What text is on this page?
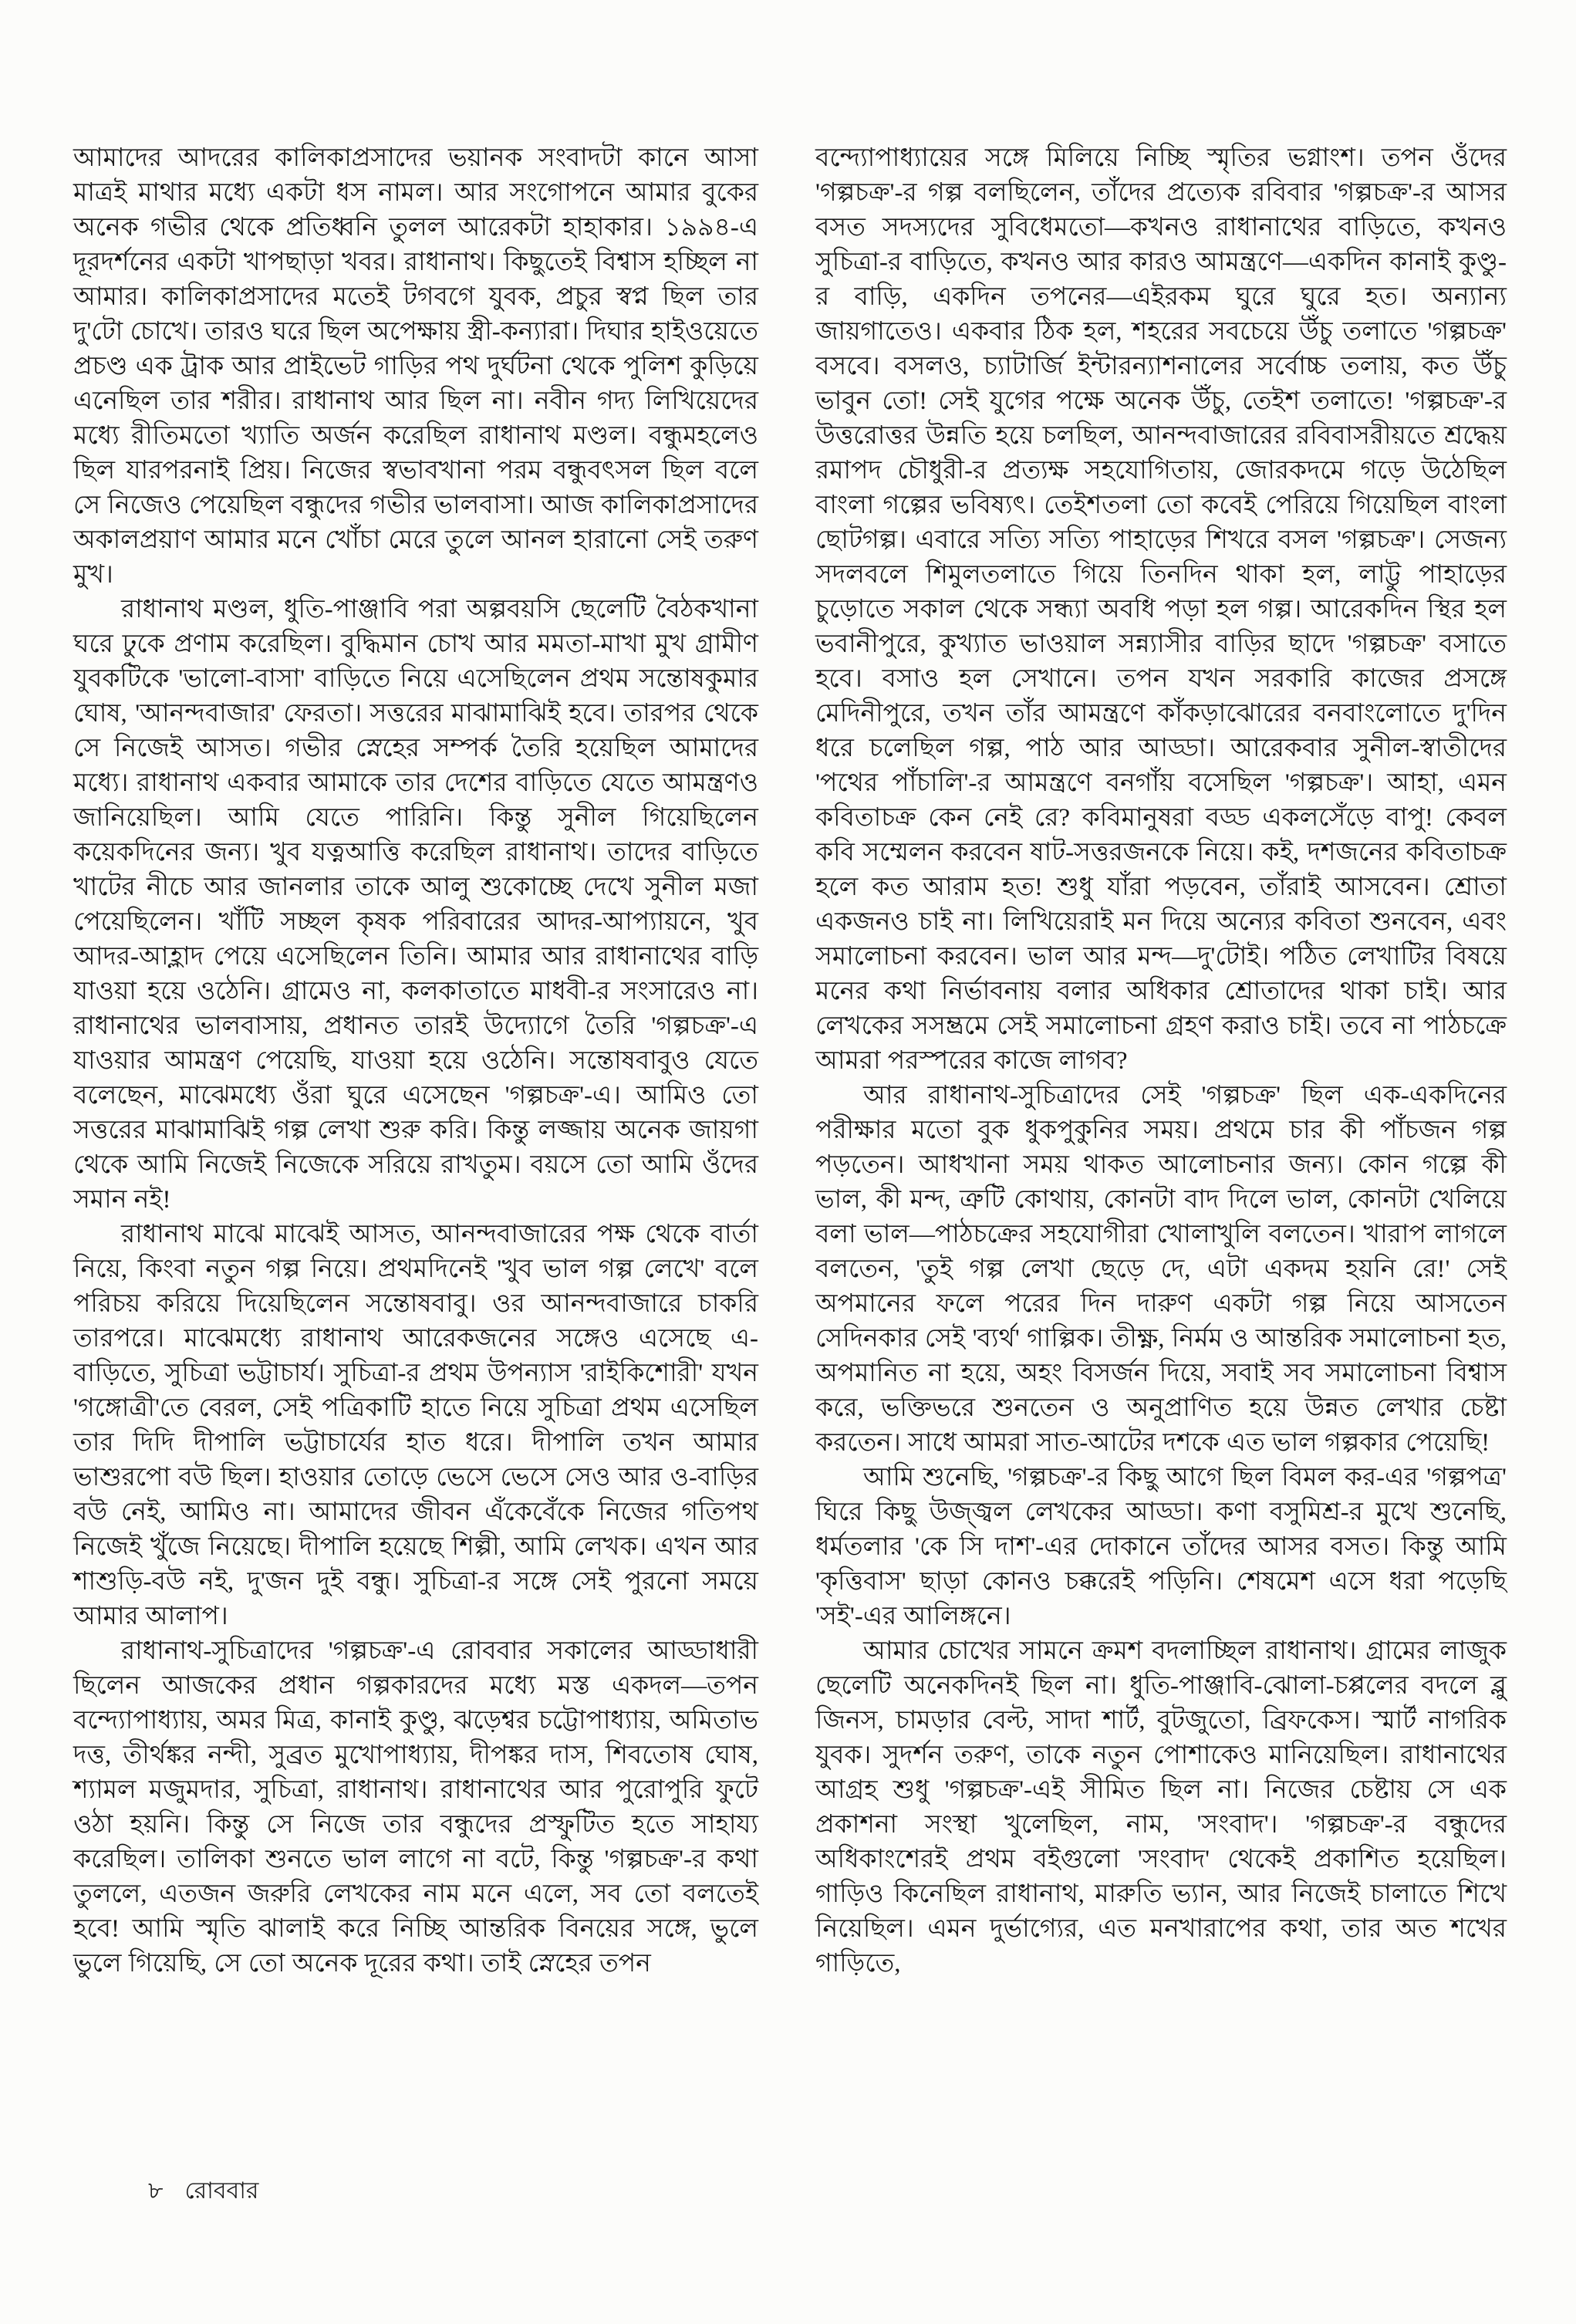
আমাদের আদরের কালিকাপ্রসাদের ভয়ানক সংবাদটা কানে আসা মাত্রই মাথার মধ্যে একটা ধস নামল। আর সংগোপনে আমার বুকের অনেক গভীর থেকে প্রতিধ্বনি তুলল আরেকটা হাহাকার। ১৯৯৪-এ দূরদর্শনের একটা খাপছাড়া খবর। রাধানাথ। কিছুতেই বিশ্বাস হচ্ছিল না আমার। কালিকাপ্রসাদের মতেই টগবগে যুবক, প্রচুর স্বপ্ন ছিল তার দু'টো চোখে। তারও ঘরে ছিল অপেক্ষায় স্ত্রী-কন্যারা। দিঘার হাইওয়েতে প্রচণ্ড এক ট্রাক আর প্রাইভেট গাড়ির পথ দুর্ঘটনা থেকে পুলিশ কুড়িয়ে এনেছিল তার শরীর। রাধানাথ আর ছিল না। নবীন গদ্য লিখিয়েদের মধ্যে রীতিমতো খ্যাতি অর্জন করেছিল রাধানাথ মণ্ডল। বন্ধুমহলেও ছিল যারপরনাই প্রিয়। নিজের স্বভাবখানা পরম বন্ধুবৎসল ছিল বলে সে নিজেও পেয়েছিল বন্ধুদের গভীর ভালবাসা। আজ কালিকাপ্রসাদের অকালপ্রয়াণ আমার মনে খোঁচা মেরে তুলে আনল হারানো সেই তরুণ মুখ।

রাধানাথ মণ্ডল, ধুতি-পাঞ্জাবি পরা অল্পবয়সি ছেলেটি বৈঠকখানা ঘরে ঢুকে প্রণাম করেছিল। বুদ্ধিমান চোখ আর মমতা-মাখা মুখ গ্রামীণ যুবকটিকে 'ভালো-বাসা' বাড়িতে নিয়ে এসেছিলেন প্রথম সন্তোষকুমার ঘোষ, 'আনন্দবাজার' ফেরতা। সত্তরের মাঝামাঝিই হবে। তারপর থেকে সে নিজেই আসত। গভীর স্নেহের সম্পর্ক তৈরি হয়েছিল আমাদের মধ্যে। রাধানাথ একবার আমাকে তার দেশের বাড়িতে যেতে আমন্ত্রণও জানিয়েছিল। আমি যেতে পারিনি। কিন্তু সুনীল গিয়েছিলেন কয়েকদিনের জন্য। খুব যত্নআত্তি করেছিল রাধানাথ। তাদের বাড়িতে খাটের নীচে আর জানলার তাকে আলু শুকোচ্ছে দেখে সুনীল মজা পেয়েছিলেন। খাঁটি সচ্ছল কৃষক পরিবারের আদর-আপ্যায়নে, খুব আদর-আহ্লাদ পেয়ে এসেছিলেন তিনি। আমার আর রাধানাথের বাড়ি যাওয়া হয়ে ওঠেনি। গ্রামেও না, কলকাতাতে মাধবী-র সংসারেও না। রাধানাথের ভালবাসায়, প্রধানত তারই উদ্যোগে তৈরি 'গল্পচক্র'-এ যাওয়ার আমন্ত্রণ পেয়েছি, যাওয়া হয়ে ওঠেনি। সন্তোষবাবুও যেতে বলেছেন, মাঝেমধ্যে ওঁরা ঘুরে এসেছেন 'গল্পচক্র'-এ। আমিও তো সত্তরের মাঝামাঝিই গল্প লেখা শুরু করি। কিন্তু লজ্জায় অনেক জায়গা থেকে আমি নিজেই নিজেকে সরিয়ে রাখতুম। বয়সে তো আমি ওঁদের সমান নই!

রাধানাথ মাঝে মাঝেই আসত, আনন্দবাজারের পক্ষ থেকে বার্তা নিয়ে, কিংবা নতুন গল্প নিয়ে। প্রথমদিনেই 'খুব ভাল গল্প লেখে' বলে পরিচয় করিয়ে দিয়েছিলেন সন্তোষবাবু। ওর আনন্দবাজারে চাকরি তারপরে। মাঝেমধ্যে রাধানাথ আরেকজনের সঙ্গেও এসেছে এ-বাড়িতে, সুচিত্রা ভট্টাচার্য। সুচিত্রা-র প্রথম উপন্যাস 'রাইকিশোরী' যখন 'গঙ্গোত্রী'তে বেরল, সেই পত্রিকাটি হাতে নিয়ে সুচিত্রা প্রথম এসেছিল তার দিদি দীপালি ভট্টাচার্যের হাত ধরে। দীপালি তখন আমার ভাশুরপো বউ ছিল। হাওয়ার তোড়ে ভেসে ভেসে সেও আর ও-বাড়ির বউ নেই, আমিও না। আমাদের জীবন এঁকেবেঁকে নিজের গতিপথ নিজেই খুঁজে নিয়েছে। দীপালি হয়েছে শিল্পী, আমি লেখক। এখন আর শাশুড়ি-বউ নই, দু'জন দুই বন্ধু। সুচিত্রা-র সঙ্গে সেই পুরনো সময়ে আমার আলাপ।

রাধানাথ-সুচিত্রাদের 'গল্পচক্র'-এ রোববার সকালের আড্ডাধারী ছিলেন আজকের প্রধান গল্পকারদের মধ্যে মস্ত একদল—তপন বন্দ্যোপাধ্যায়, অমর মিত্র, কানাই কুণ্ডু, ঝড়েশ্বর চট্টোপাধ্যায়, অমিতাভ দত্ত, তীর্থঙ্কর নন্দী, সুব্রত মুখোপাধ্যায়, দীপঙ্কর দাস, শিবতোষ ঘোষ, শ্যামল মজুমদার, সুচিত্রা, রাধানাথ। রাধানাথের আর পুরোপুরি ফুটে ওঠা হয়নি। কিন্তু সে নিজে তার বন্ধুদের প্রস্ফুটিত হতে সাহায্য করেছিল। তালিকা শুনতে ভাল লাগে না বটে, কিন্তু 'গল্পচক্র'-র কথা তুললে, এতজন জরুরি লেখকের নাম মনে এলে, সব তো বলতেই হবে! আমি স্মৃতি ঝালাই করে নিচ্ছি আন্তরিক বিনয়ের সঙ্গে, ভুলে ভুলে গিয়েছি, সে তো অনেক দূরের কথা। তাই স্নেহের তপন

বন্দ্যোপাধ্যায়ের সঙ্গে মিলিয়ে নিচ্ছি স্মৃতির ভগ্নাংশ। তপন ওঁদের 'গল্পচক্র'-র গল্প বলছিলেন, তাঁদের প্রত্যেক রবিবার 'গল্পচক্র'-র আসর বসত সদস্যদের সুবিধেমতো—কখনও রাধানাথের বাড়িতে, কখনও সুচিত্রা-র বাড়িতে, কখনও আর কারও আমন্ত্রণে—একদিন কানাই কুণ্ডু-র বাড়ি, একদিন তপনের—এইরকম ঘুরে ঘুরে হত। অন্যান্য জায়গাতেও। একবার ঠিক হল, শহরের সবচেয়ে উঁচু তলাতে 'গল্পচক্র' বসবে। বসলও, চ্যাটার্জি ইন্টারন্যাশনালের সর্বোচ্চ তলায়, কত উঁচু ভাবুন তো! সেই যুগের পক্ষে অনেক উঁচু, তেইশ তলাতে! 'গল্পচক্র'-র উত্তরোত্তর উন্নতি হয়ে চলছিল, আনন্দবাজারের রবিবাসরীয়তে শ্রদ্ধেয় রমাপদ চৌধুরী-র প্রত্যক্ষ সহযোগিতায়, জোরকদমে গড়ে উঠেছিল বাংলা গল্পের ভবিষ্যৎ। তেইশতলা তো কবেই পেরিয়ে গিয়েছিল বাংলা ছোটগল্প। এবারে সত্যি সত্যি পাহাড়ের শিখরে বসল 'গল্পচক্র'। সেজন্য সদলবলে শিমুলতলাতে গিয়ে তিনদিন থাকা হল, লাট্টু পাহাড়ের চুড়োতে সকাল থেকে সন্ধ্যা অবধি পড়া হল গল্প। আরেকদিন স্থির হল ভবানীপুরে, কুখ্যাত ভাওয়াল সন্ন্যাসীর বাড়ির ছাদে 'গল্পচক্র' বসাতে হবে। বসাও হল সেখানে। তপন যখন সরকারি কাজের প্রসঙ্গে মেদিনীপুরে, তখন তাঁর আমন্ত্রণে কাঁকড়াঝোরের বনবাংলোতে দু'দিন ধরে চলেছিল গল্প, পাঠ আর আড্ডা। আরেকবার সুনীল-স্বাতীদের 'পথের পাঁচালি'-র আমন্ত্রণে বনগাঁয় বসেছিল 'গল্পচক্র'। আহা, এমন কবিতাচক্র কেন নেই রে? কবিমানুষরা বড্ড একলসেঁড়ে বাপু! কেবল কবি সম্মেলন করবেন ষাট-সত্তরজনকে নিয়ে। কই, দশজনের কবিতাচক্র হলে কত আরাম হত! শুধু যাঁরা পড়বেন, তাঁরাই আসবেন। শ্রোতা একজনও চাই না। লিখিয়েরাই মন দিয়ে অন্যের কবিতা শুনবেন, এবং সমালোচনা করবেন। ভাল আর মন্দ—দু'টোই। পঠিত লেখাটির বিষয়ে মনের কথা নির্ভাবনায় বলার অধিকার শ্রোতাদের থাকা চাই। আর লেখকের সসম্ভ্রমে সেই সমালোচনা গ্রহণ করাও চাই। তবে না পাঠচক্রে আমরা পরস্পরের কাজে লাগব?

আর রাধানাথ-সুচিত্রাদের সেই 'গল্পচক্র' ছিল এক-একদিনের পরীক্ষার মতো বুক ধুকপুকুনির সময়। প্রথমে চার কী পাঁচজন গল্প পড়তেন। আধখানা সময় থাকত আলোচনার জন্য। কোন গল্পে কী ভাল, কী মন্দ, ত্রুটি কোথায়, কোনটা বাদ দিলে ভাল, কোনটা খেলিয়ে বলা ভাল—পাঠচক্রের সহযোগীরা খোলাখুলি বলতেন। খারাপ লাগলে বলতেন, 'তুই গল্প লেখা ছেড়ে দে, এটা একদম হয়নি রে!' সেই অপমানের ফলে পরের দিন দারুণ একটা গল্প নিয়ে আসতেন সেদিনকার সেই 'ব্যর্থ' গাল্পিক। তীক্ষ্ণ, নির্মম ও আন্তরিক সমালোচনা হত, অপমানিত না হয়ে, অহং বিসর্জন দিয়ে, সবাই সব সমালোচনা বিশ্বাস করে, ভক্তিভরে শুনতেন ও অনুপ্রাণিত হয়ে উন্নত লেখার চেষ্টা করতেন। সাধে আমরা সাত-আটের দশকে এত ভাল গল্পকার পেয়েছি!

আমি শুনেছি, 'গল্পচক্র'-র কিছু আগে ছিল বিমল কর-এর 'গল্পপত্র' ঘিরে কিছু উজ্জ্বল লেখকের আড্ডা। কণা বসুমিশ্র-র মুখে শুনেছি, ধর্মতলার 'কে সি দাশ'-এর দোকানে তাঁদের আসর বসত। কিন্তু আমি 'কৃত্তিবাস' ছাড়া কোনও চক্করেই পড়িনি। শেষমেশ এসে ধরা পড়েছি 'সই'-এর আলিঙ্গনে।

আমার চোখের সামনে ক্রমশ বদলাচ্ছিল রাধানাথ। গ্রামের লাজুক ছেলেটি অনেকদিনই ছিল না। ধুতি-পাঞ্জাবি-ঝোলা-চপ্পলের বদলে ব্লু জিনস, চামড়ার বেল্ট, সাদা শার্ট, বুটজুতো, ব্রিফকেস। স্মার্ট নাগরিক যুবক। সুদর্শন তরুণ, তাকে নতুন পোশাকেও মানিয়েছিল। রাধানাথের আগ্রহ শুধু 'গল্পচক্র'-এই সীমিত ছিল না। নিজের চেষ্টায় সে এক প্রকাশনা সংস্থা খুলেছিল, নাম, 'সংবাদ'। 'গল্পচক্র'-র বন্ধুদের অধিকাংশেরই প্রথম বইগুলো 'সংবাদ' থেকেই প্রকাশিত হয়েছিল। গাড়িও কিনেছিল রাধানাথ, মারুতি ভ্যান, আর নিজেই চালাতে শিখে নিয়েছিল। এমন দুর্ভাগ্যের, এত মনখারাপের কথা, তার অত শখের গাড়িতে,

৮ রোববার
